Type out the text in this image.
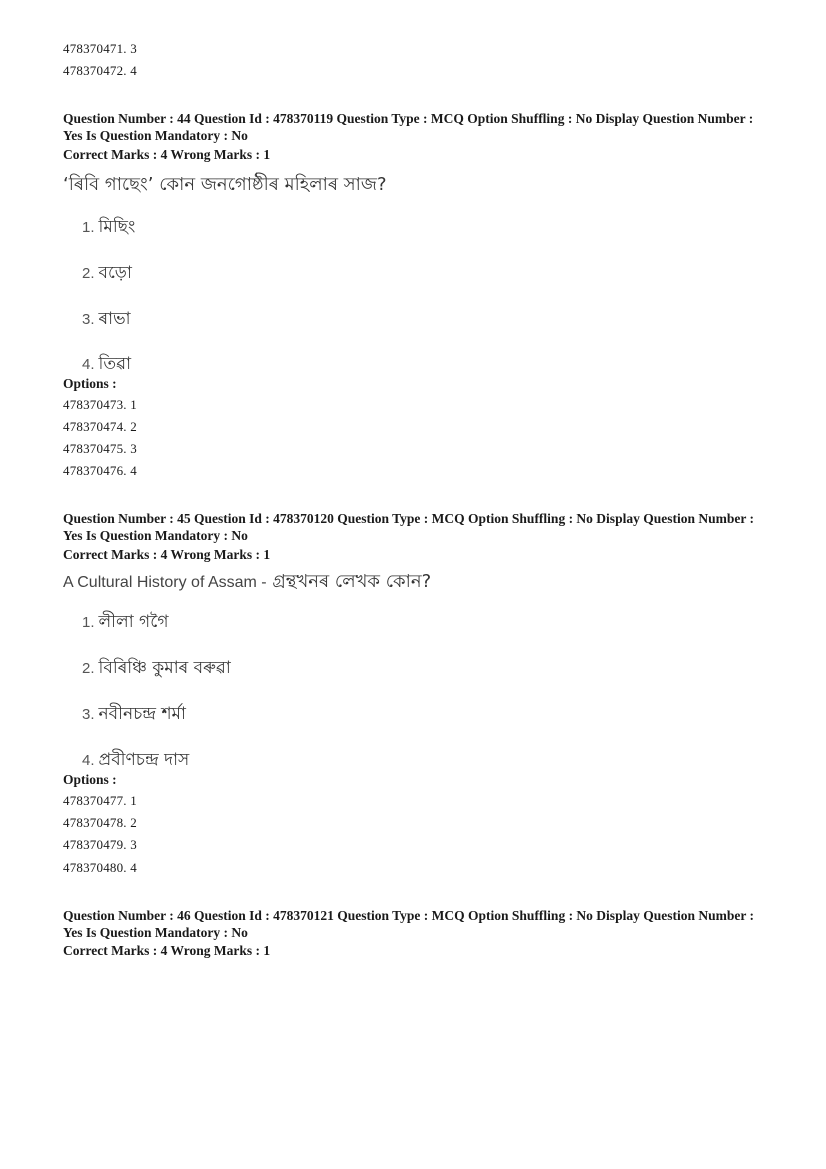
478370471. 3
478370472. 4
Question Number : 44 Question Id : 478370119 Question Type : MCQ Option Shuffling : No Display Question Number : Yes Is Question Mandatory : No
Correct Marks : 4 Wrong Marks : 1
‘ৰিবি গাছেং’ কোন জনগোষ্ঠীৰ মহিলাৰ সাজ?
1. মিছিং
2. বড়ো
3. ৰাভা
4. তিৱা
Options :
478370473. 1
478370474. 2
478370475. 3
478370476. 4
Question Number : 45 Question Id : 478370120 Question Type : MCQ Option Shuffling : No Display Question Number : Yes Is Question Mandatory : No
Correct Marks : 4 Wrong Marks : 1
A Cultural History of Assam - গ্ৰন্থখনৰ লেখক কোন?
1. লীলা গগৈ
2. বিৰিঞ্চি কুমাৰ বৰুৱা
3. নবীনচন্দ্ৰ শৰ্মা
4. প্ৰবীণচন্দ্ৰ দাস
Options :
478370477. 1
478370478. 2
478370479. 3
478370480. 4
Question Number : 46 Question Id : 478370121 Question Type : MCQ Option Shuffling : No Display Question Number : Yes Is Question Mandatory : No
Correct Marks : 4 Wrong Marks : 1
